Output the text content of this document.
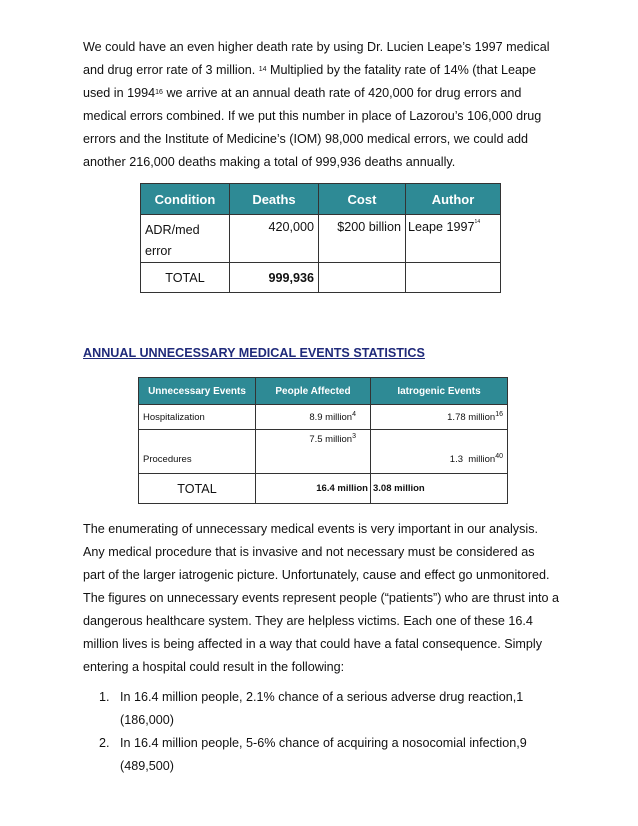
We could have an even higher death rate by using Dr. Lucien Leape’s 1997 medical
and drug error rate of 3 million. $^{14}$ Multiplied by the fatality rate of 14% (that Leape
used in 1994$^{16}$ we arrive at an annual death rate of 420,000 for drug errors and
medical errors combined. If we put this number in place of Lazorou’s 106,000 drug
errors and the Institute of Medicine’s (IOM) 98,000 medical errors, we could add
another 216,000 deaths making a total of 999,936 deaths annually.

Condition	Deaths	Cost	Author
ADR/med
error	420,000	$200 billion	Leape 1997$^{14}$
TOTAL	999,936		

ANNUAL UNNECESSARY MEDICAL EVENTS STATISTICS

Unnecessary Events	People Affected	Iatrogenic Events
Hospitalization	8.9 million$^4$	1.78 million$^{16}$
Procedures	7.5 million$^3$	1.3  million$^{40}$
TOTAL	16.4 million	3.08 million

The enumerating of unnecessary medical events is very important in our analysis.
Any medical procedure that is invasive and not necessary must be considered as
part of the larger iatrogenic picture. Unfortunately, cause and effect go unmonitored.
The figures on unnecessary events represent people (“patients”) who are thrust into a
dangerous healthcare system. They are helpless victims. Each one of these 16.4
million lives is being affected in a way that could have a fatal consequence. Simply
entering a hospital could result in the following:

1. In 16.4 million people, 2.1% chance of a serious adverse drug reaction,1
(186,000)
2. In 16.4 million people, 5-6% chance of acquiring a nosocomial infection,9
(489,500)
